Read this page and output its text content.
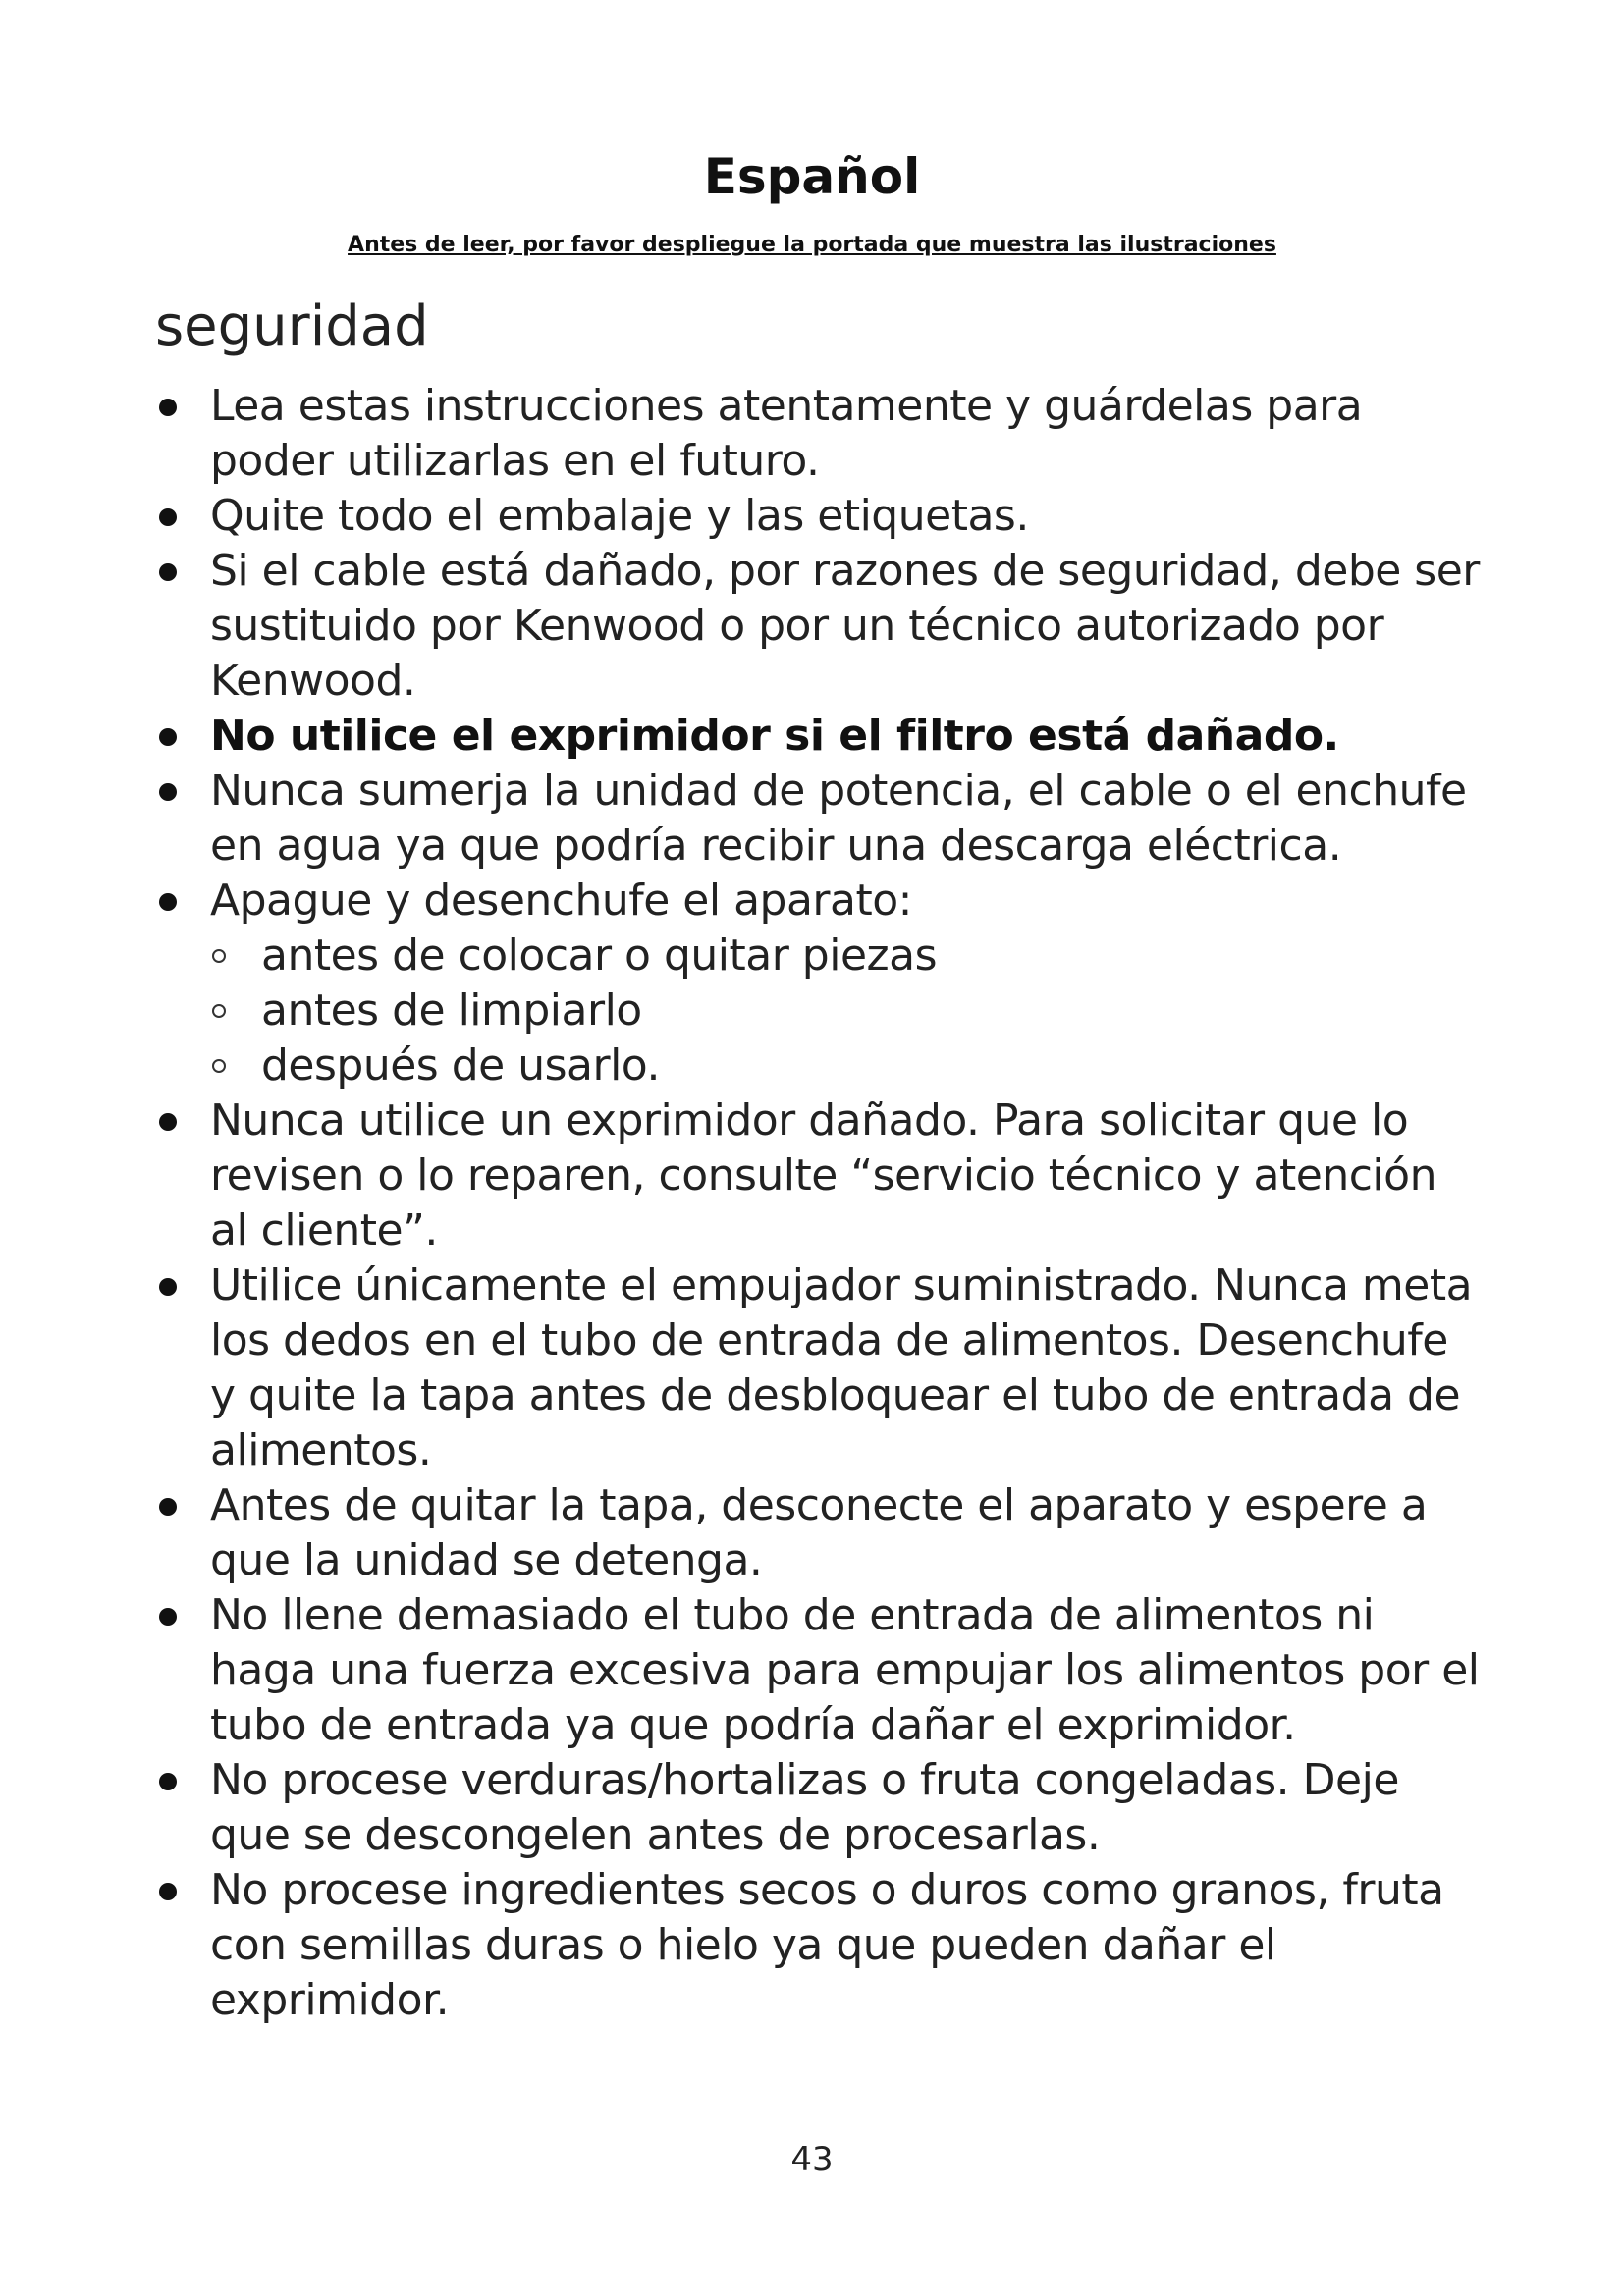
Español
Antes de leer, por favor despliegue la portada que muestra las ilustraciones
seguridad
Lea estas instrucciones atentamente y guárdelas para poder utilizarlas en el futuro.
Quite todo el embalaje y las etiquetas.
Si el cable está dañado, por razones de seguridad, debe ser sustituido por Kenwood o por un técnico autorizado por Kenwood.
No utilice el exprimidor si el filtro está dañado.
Nunca sumerja la unidad de potencia, el cable o el enchufe en agua ya que podría recibir una descarga eléctrica.
Apague y desenchufe el aparato:
antes de colocar o quitar piezas
antes de limpiarlo
después de usarlo.
Nunca utilice un exprimidor dañado. Para solicitar que lo revisen o lo reparen, consulte “servicio técnico y atención al cliente”.
Utilice únicamente el empujador suministrado. Nunca meta los dedos en el tubo de entrada de alimentos. Desenchufe y quite la tapa antes de desbloquear el tubo de entrada de alimentos.
Antes de quitar la tapa, desconecte el aparato y espere a que la unidad se detenga.
No llene demasiado el tubo de entrada de alimentos ni haga una fuerza excesiva para empujar los alimentos por el tubo de entrada ya que podría dañar el exprimidor.
No procese verduras/hortalizas o fruta congeladas. Deje que se descongelen antes de procesarlas.
No procese ingredientes secos o duros como granos, fruta con semillas duras o hielo ya que pueden dañar el exprimidor.
43
